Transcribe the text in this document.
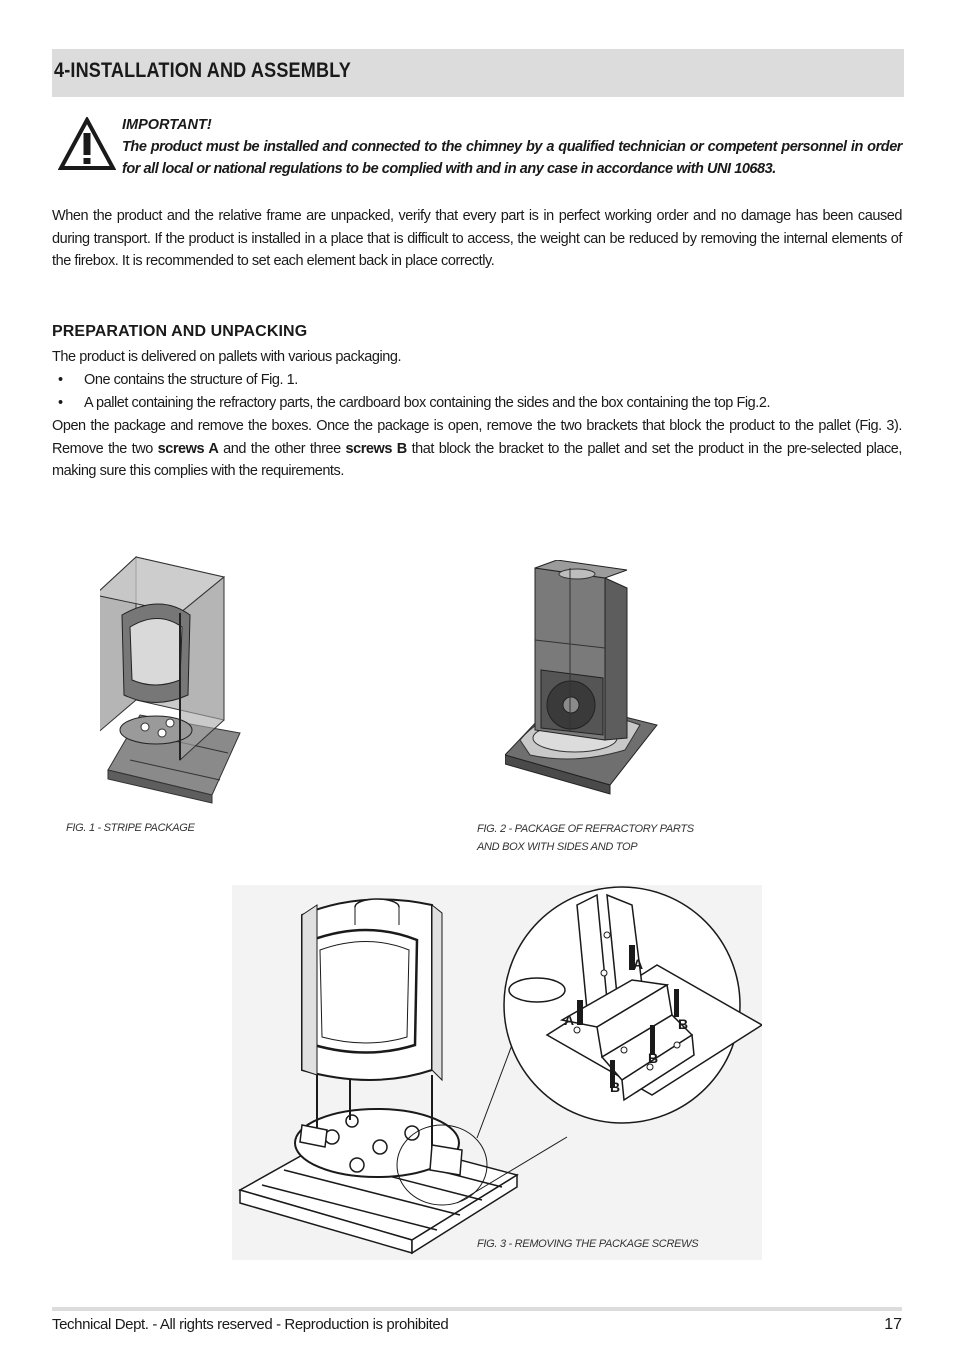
4-INSTALLATION AND ASSEMBLY

IMPORTANT!

The product must be installed and connected to the chimney by a qualified technician or competent personnel in order for all local or national regulations to be complied with and in any case in accordance with UNI 10683.

When the product and the relative frame are unpacked, verify that every part is in perfect working order and no damage has been caused during transport. If the product is installed in a place that is difficult to access, the weight can be reduced by removing the internal elements of the firebox. It is recommended to set each element back in place correctly.

PREPARATION AND UNPACKING

The product is delivered on pallets with various packaging.

• One contains the structure of Fig. 1.
• A pallet containing the refractory parts, the cardboard box containing the sides and the box containing the top Fig.2.

Open the package and remove the boxes. Once the package is open, remove the two brackets that block the product to the pallet (Fig. 3). Remove the two screws A and the other three screws B that block the bracket to the pallet and set the product in the pre-selected place, making sure this complies with the requirements.

FIG. 1 - STRIPE PACKAGE	FIG. 2 - PACKAGE OF REFRACTORY PARTS
AND BOX WITH SIDES AND TOP
A
A
B
B
B
FIG. 3 - REMOVING THE PACKAGE SCREWS
Technical Dept. - All rights reserved - Reproduction is prohibited	17
